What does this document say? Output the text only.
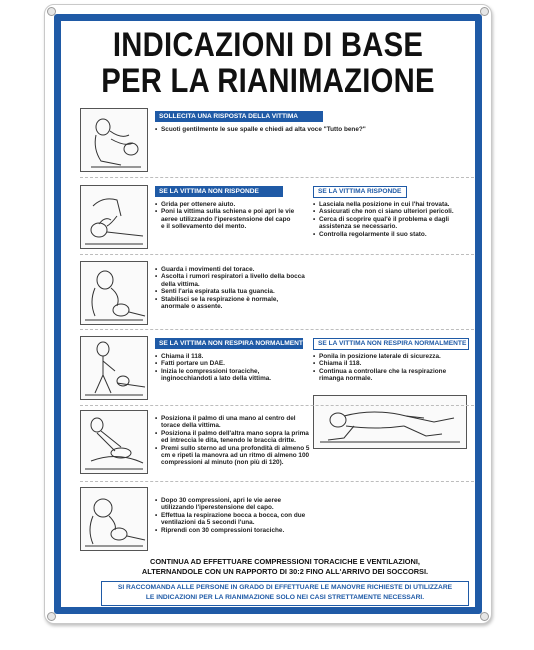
INDICAZIONI DI BASE
PER LA RIANIMAZIONE
SOLLECITA UNA RISPOSTA DELLA VITTIMA
• Scuoti gentilmente le sue spalle e chiedi ad alta voce "Tutto bene?"
SE LA VITTIMA NON RISPONDE
• Grida per ottenere aiuto.
• Poni la vittima sulla schiena e poi apri le vie aeree utilizzando l'iperestensione del capo e il sollevamento del mento.
SE LA VITTIMA RISPONDE
• Lasciala nella posizione in cui l'hai trovata.
• Assicurati che non ci siano ulteriori pericoli.
• Cerca di scoprire qual'è il problema e dagli assistenza se necessario.
• Controlla regolarmente il suo stato.
• Guarda i movimenti del torace.
• Ascolta i rumori respiratori a livello della bocca della vittima.
• Senti l'aria espirata sulla tua guancia.
• Stabilisci se la respirazione è normale, anormale o assente.
SE LA VITTIMA NON RESPIRA NORMALMENTE
• Chiama il 118.
• Fatti portare un DAE.
• Inizia le compressioni toraciche, inginocchiandoti a lato della vittima.
SE LA VITTIMA NON RESPIRA NORMALMENTE
• Ponila in posizione laterale di sicurezza.
• Chiama il 118.
• Continua a controllare che la respirazione rimanga normale.
• Posiziona il palmo di una mano al centro del torace della vittima.
• Posiziona il palmo dell'altra mano sopra la prima ed intreccia le dita, tenendo le braccia dritte.
• Premi sullo sterno ad una profondità di almeno 5 cm e ripeti la manovra ad un ritmo di almeno 100 compressioni al minuto (non più di 120).
• Dopo 30 compressioni, apri le vie aeree utilizzando l'iperestensione del capo.
• Effettua la respirazione bocca a bocca, con due ventilazioni da 5 secondi l'una.
• Riprendi con 30 compressioni toraciche.
CONTINUA AD EFFETTUARE COMPRESSIONI TORACICHE E VENTILAZIONI,
ALTERNANDOLE CON UN RAPPORTO DI 30:2 FINO ALL'ARRIVO DEI SOCCORSI.
SI RACCOMANDA ALLE PERSONE IN GRADO DI EFFETTUARE LE MANOVRE RICHIESTE DI UTILIZZARE
LE INDICAZIONI PER LA RIANIMAZIONE SOLO NEI CASI STRETTAMENTE NECESSARI.
